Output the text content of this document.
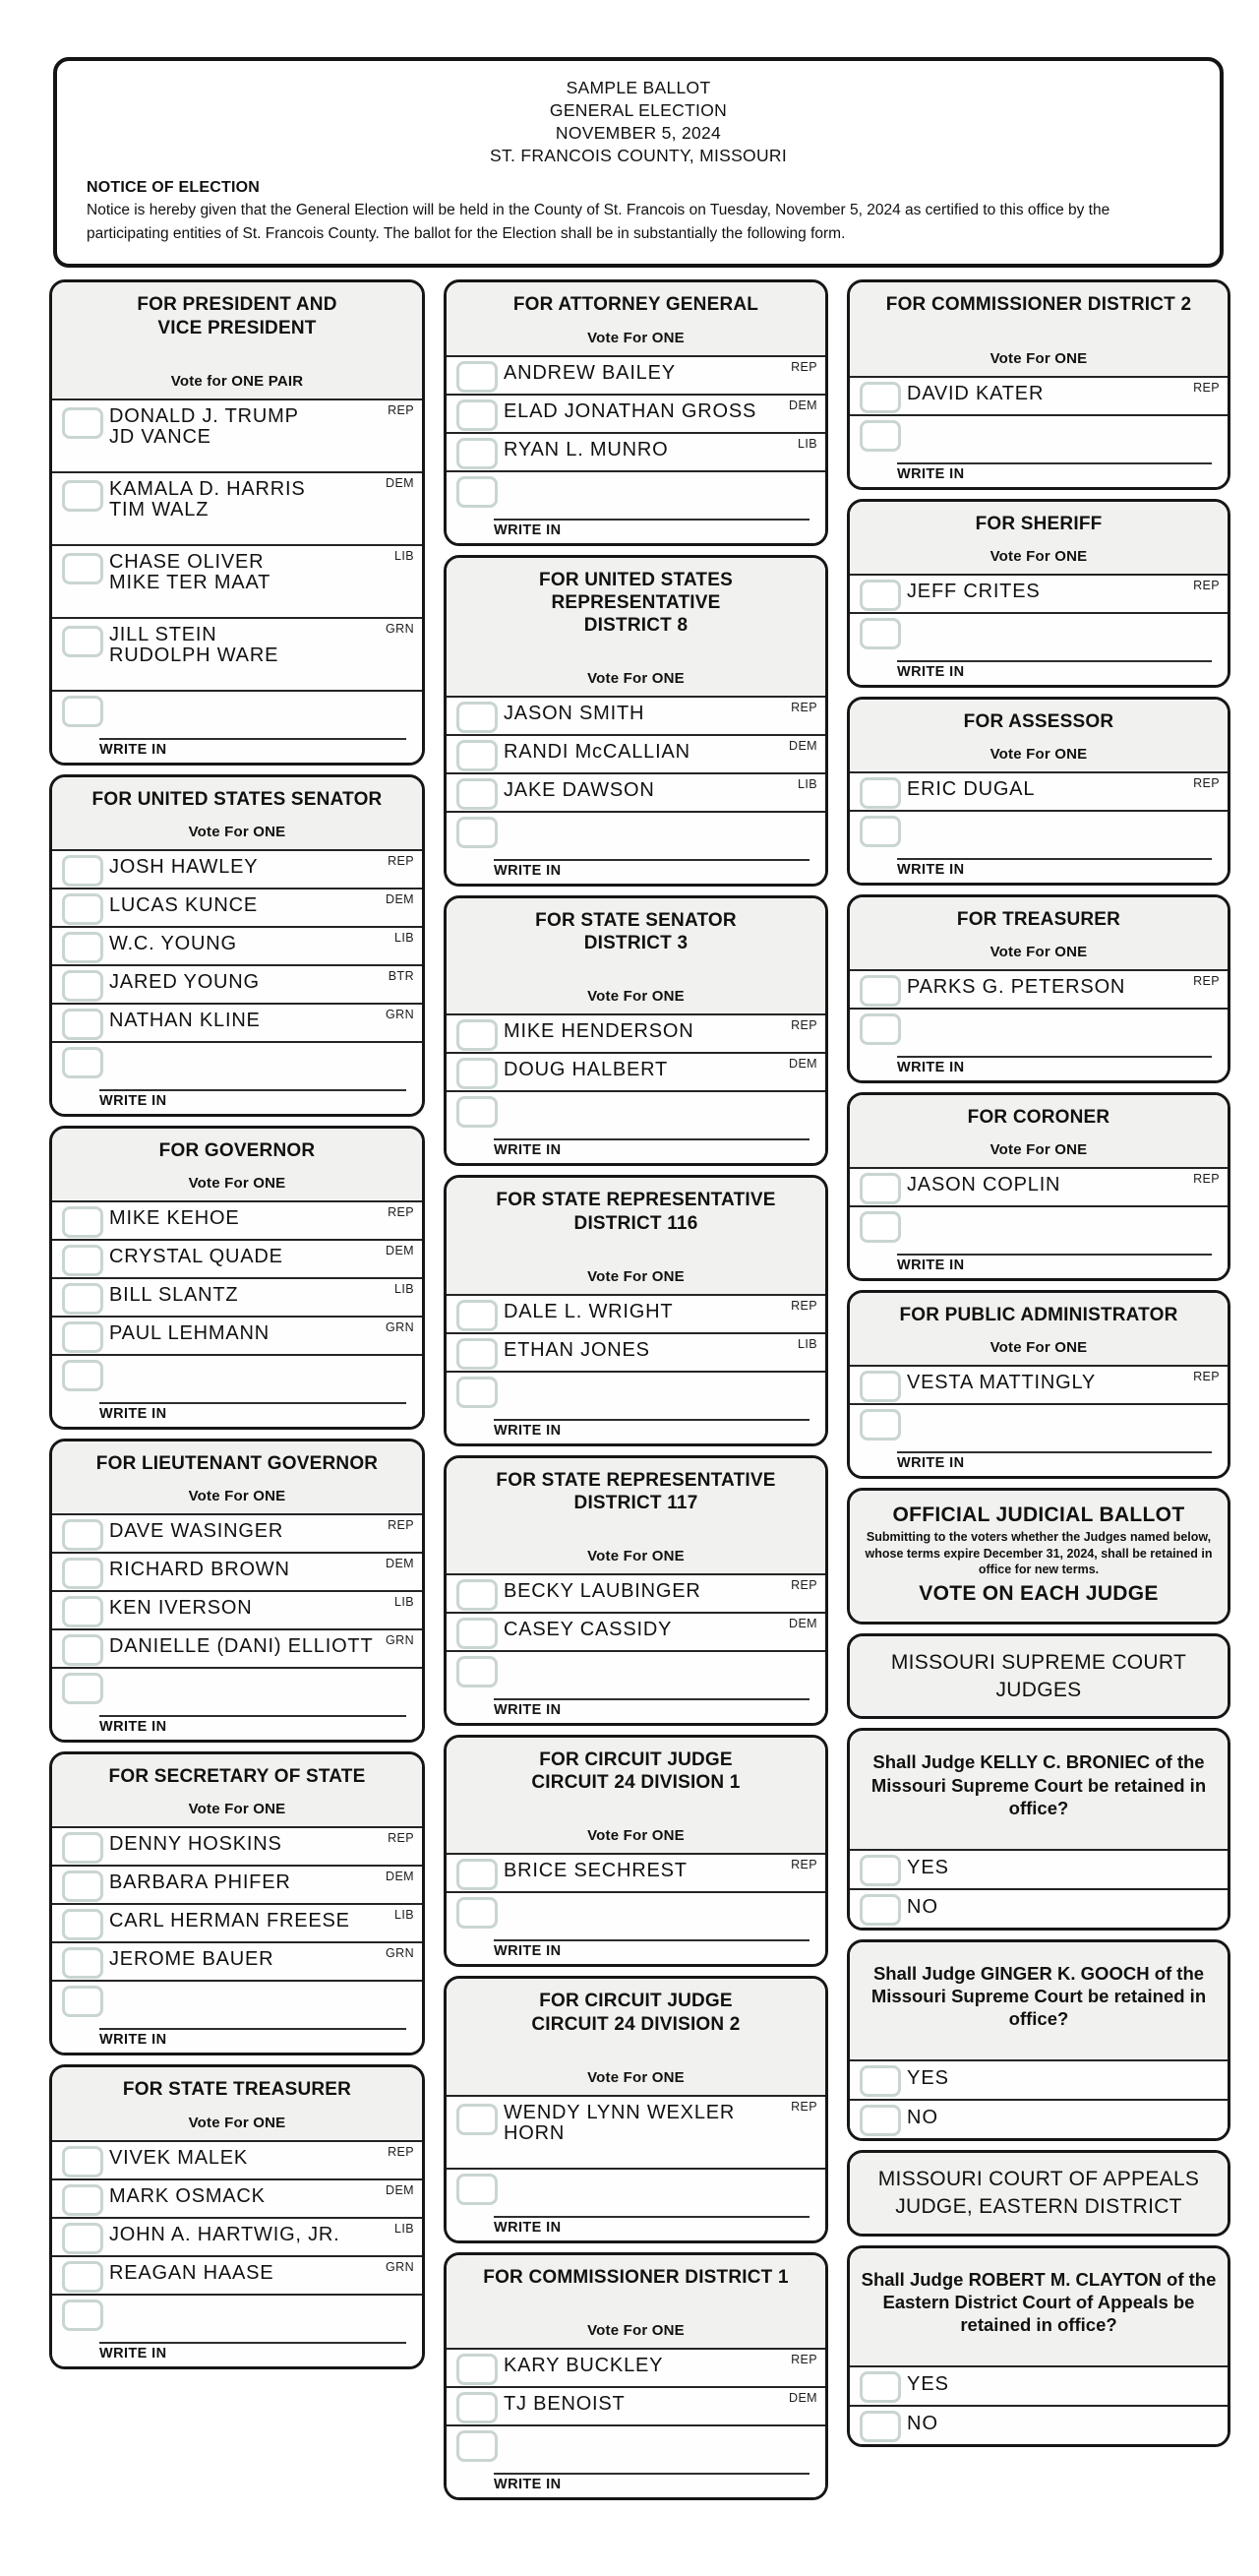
SAMPLE BALLOT
GENERAL ELECTION
NOVEMBER 5, 2024
ST. FRANCOIS COUNTY, MISSOURI
NOTICE OF ELECTION
Notice is hereby given that the General Election will be held in the County of St. Francois on Tuesday, November 5, 2024 as certified to this office by the participating entities of St. Francois County. The ballot for the Election shall be in substantially the following form.
FOR PRESIDENT AND
VICE PRESIDENT
Vote for ONE PAIR
DONALD J. TRUMP
JD VANCE
REP
KAMALA D. HARRIS
TIM WALZ
DEM
CHASE OLIVER
MIKE TER MAAT
LIB
JILL STEIN
RUDOLPH WARE
GRN
WRITE IN
FOR UNITED STATES SENATOR
Vote For ONE
JOSH HAWLEY	REP
LUCAS KUNCE	DEM
W.C. YOUNG	LIB
JARED YOUNG	BTR
NATHAN KLINE	GRN
WRITE IN
FOR GOVERNOR
Vote For ONE
MIKE KEHOE	REP
CRYSTAL QUADE	DEM
BILL SLANTZ	LIB
PAUL LEHMANN	GRN
WRITE IN
FOR LIEUTENANT GOVERNOR
Vote For ONE
DAVE WASINGER	REP
RICHARD BROWN	DEM
KEN IVERSON	LIB
DANIELLE (DANI) ELLIOTT	GRN
WRITE IN
FOR SECRETARY OF STATE
Vote For ONE
DENNY HOSKINS	REP
BARBARA PHIFER	DEM
CARL HERMAN FREESE	LIB
JEROME BAUER	GRN
WRITE IN
FOR STATE TREASURER
Vote For ONE
VIVEK MALEK	REP
MARK OSMACK	DEM
JOHN A. HARTWIG, JR.	LIB
REAGAN HAASE	GRN
WRITE IN
FOR ATTORNEY GENERAL
Vote For ONE
ANDREW BAILEY	REP
ELAD JONATHAN GROSS	DEM
RYAN L. MUNRO	LIB
WRITE IN
FOR UNITED STATES
REPRESENTATIVE
DISTRICT 8
Vote For ONE
JASON SMITH	REP
RANDI McCALLIAN	DEM
JAKE DAWSON	LIB
WRITE IN
FOR STATE SENATOR
DISTRICT 3
Vote For ONE
MIKE HENDERSON	REP
DOUG HALBERT	DEM
WRITE IN
FOR STATE REPRESENTATIVE
DISTRICT 116
Vote For ONE
DALE L. WRIGHT	REP
ETHAN JONES	LIB
WRITE IN
FOR STATE REPRESENTATIVE
DISTRICT 117
Vote For ONE
BECKY LAUBINGER	REP
CASEY CASSIDY	DEM
WRITE IN
FOR CIRCUIT JUDGE
CIRCUIT 24 DIVISION 1
Vote For ONE
BRICE SECHREST	REP
WRITE IN
FOR CIRCUIT JUDGE
CIRCUIT 24 DIVISION 2
Vote For ONE
WENDY LYNN WEXLER
HORN
REP
WRITE IN
FOR COMMISSIONER DISTRICT 1
Vote For ONE
KARY BUCKLEY	REP
TJ BENOIST	DEM
WRITE IN
FOR COMMISSIONER DISTRICT 2
Vote For ONE
DAVID KATER	REP
WRITE IN
FOR SHERIFF
Vote For ONE
JEFF CRITES	REP
WRITE IN
FOR ASSESSOR
Vote For ONE
ERIC DUGAL	REP
WRITE IN
FOR TREASURER
Vote For ONE
PARKS G. PETERSON	REP
WRITE IN
FOR CORONER
Vote For ONE
JASON COPLIN	REP
WRITE IN
FOR PUBLIC ADMINISTRATOR
Vote For ONE
VESTA MATTINGLY	REP
WRITE IN
OFFICIAL JUDICIAL BALLOT
Submitting to the voters whether the Judges named below, whose terms expire December 31, 2024, shall be retained in office for new terms.
VOTE ON EACH JUDGE
MISSOURI SUPREME COURT
JUDGES
Shall Judge KELLY C. BRONIEC of the Missouri Supreme Court be retained in office?
YES
NO
Shall Judge GINGER K. GOOCH of the Missouri Supreme Court be retained in office?
YES
NO
MISSOURI COURT OF APPEALS
JUDGE, EASTERN DISTRICT
Shall Judge ROBERT M. CLAYTON of the Eastern District Court of Appeals be retained in office?
YES
NO
